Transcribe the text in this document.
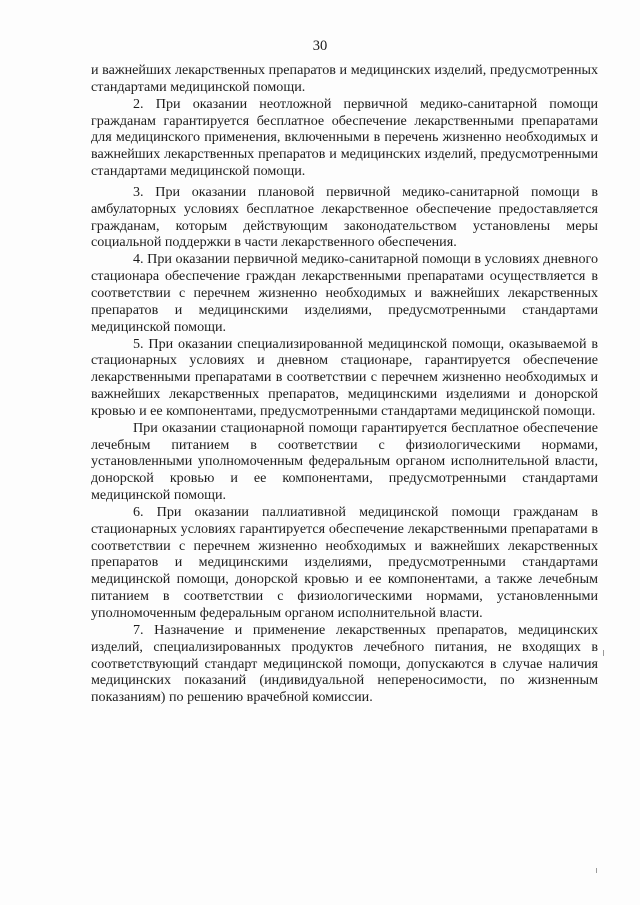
30

и важнейших лекарственных препаратов и медицинских изделий, предусмотренных стандартами медицинской помощи.

2. При оказании неотложной первичной медико-санитарной помощи гражданам гарантируется бесплатное обеспечение лекарственными препаратами для медицинского применения, включенными в перечень жизненно необходимых и важнейших лекарственных препаратов и медицинских изделий, предусмотренными стандартами медицинской помощи.

3. При оказании плановой первичной медико-санитарной помощи в амбулаторных условиях бесплатное лекарственное обеспечение предоставляется гражданам, которым действующим законодательством установлены меры социальной поддержки в части лекарственного обеспечения.

4. При оказании первичной медико-санитарной помощи в условиях дневного стационара обеспечение граждан лекарственными препаратами осуществляется в соответствии с перечнем жизненно необходимых и важнейших лекарственных препаратов и медицинскими изделиями, предусмотренными стандартами медицинской помощи.

5. При оказании специализированной медицинской помощи, оказываемой в стационарных условиях и дневном стационаре, гарантируется обеспечение лекарственными препаратами в соответствии с перечнем жизненно необходимых и важнейших лекарственных препаратов, медицинскими изделиями и донорской кровью и ее компонентами, предусмотренными стандартами медицинской помощи.

При оказании стационарной помощи гарантируется бесплатное обеспечение лечебным питанием в соответствии с физиологическими нормами, установленными уполномоченным федеральным органом исполнительной власти, донорской кровью и ее компонентами, предусмотренными стандартами медицинской помощи.

6. При оказании паллиативной медицинской помощи гражданам в стационарных условиях гарантируется обеспечение лекарственными препаратами в соответствии с перечнем жизненно необходимых и важнейших лекарственных препаратов и медицинскими изделиями, предусмотренными стандартами медицинской помощи, донорской кровью и ее компонентами, а также лечебным питанием в соответствии с физиологическими нормами, установленными уполномоченным федеральным органом исполнительной власти.

7. Назначение и применение лекарственных препаратов, медицинских изделий, специализированных продуктов лечебного питания, не входящих в соответствующий стандарт медицинской помощи, допускаются в случае наличия медицинских показаний (индивидуальной непереносимости, по жизненным показаниям) по решению врачебной комиссии.
